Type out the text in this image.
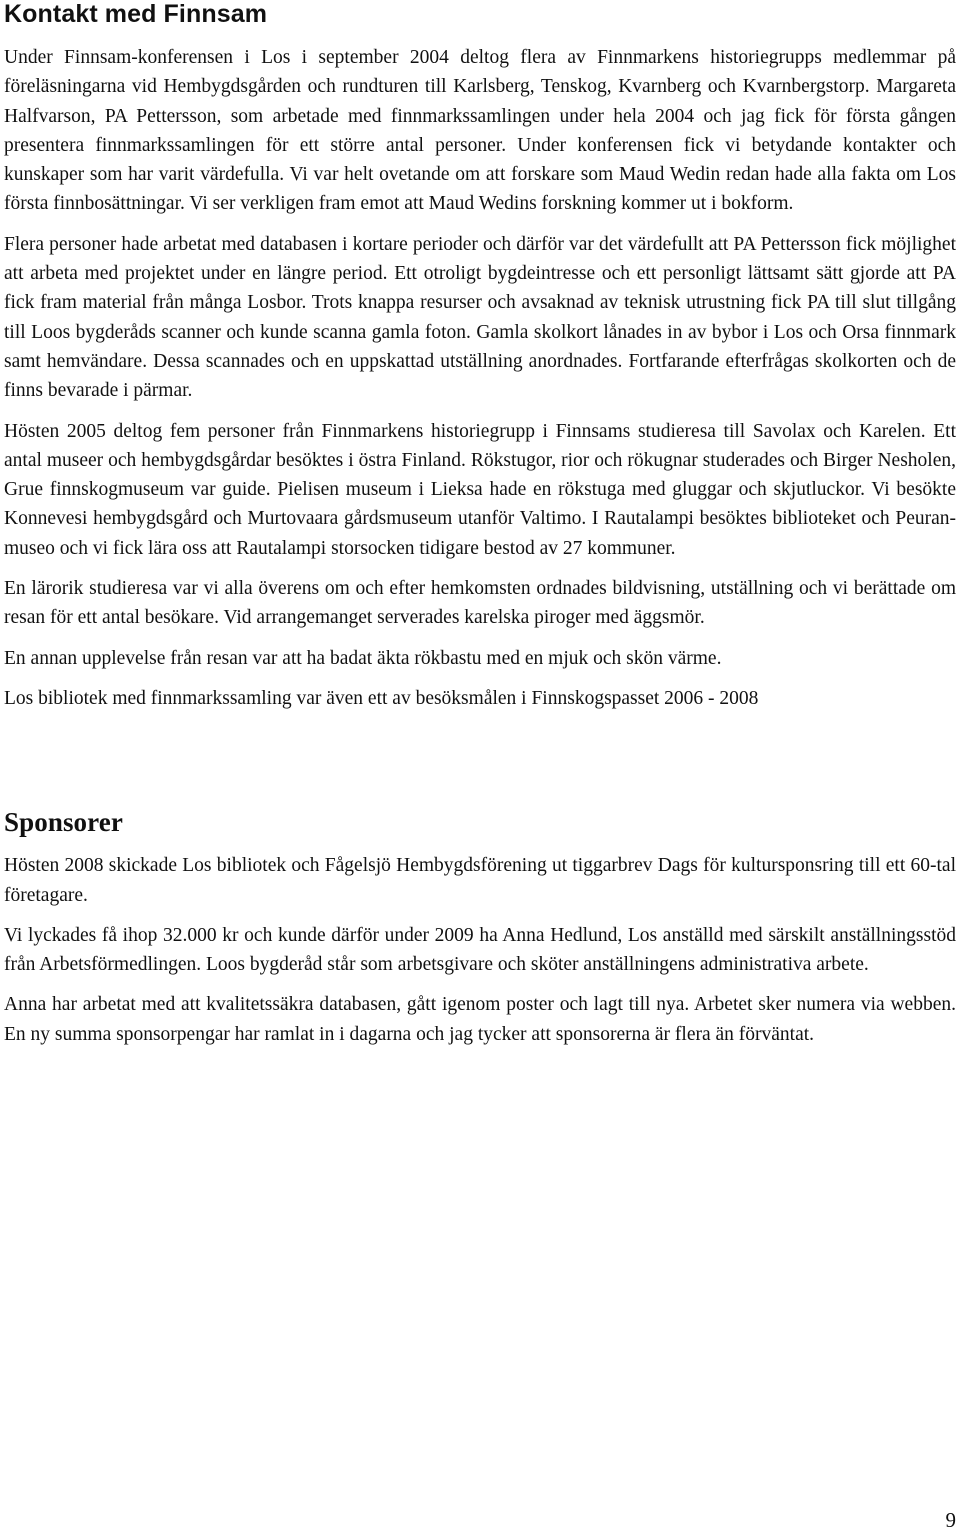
Kontakt med Finnsam

Under Finnsam-konferensen i Los i september 2004 deltog flera av Finnmarkens historiegrupps medlemmar på föreläsningarna vid Hembygdsgården och rundturen till Karlsberg, Tenskog, Kvarnberg och Kvarnbergstorp. Margareta Halfvarson, PA Pettersson, som arbetade med finnmarkssamlingen under hela 2004 och jag fick för första gången presentera finnmarkssamlingen för ett större antal personer. Under konferensen fick vi betydande kontakter och kunskaper som har varit värdefulla. Vi var helt ovetande om att forskare som Maud Wedin redan hade alla fakta om Los första finnbosättningar. Vi ser verkligen fram emot att Maud Wedins forskning kommer ut i bokform.

Flera personer hade arbetat med databasen i kortare perioder och därför var det värdefullt att PA Pettersson fick möjlighet att arbeta med projektet under en längre period. Ett otroligt bygdeintresse och ett personligt lättsamt sätt gjorde att PA fick fram material från många Losbor. Trots knappa resurser och avsaknad av teknisk utrustning fick PA till slut tillgång till Loos bygderåds scanner och kunde scanna gamla foton. Gamla skolkort lånades in av bybor i Los och Orsa finnmark samt hemvändare. Dessa scannades och en uppskattad utställning anordnades. Fortfarande efterfrågas skolkorten och de finns bevarade i pärmar.

Hösten 2005 deltog fem personer från Finnmarkens historiegrupp i Finnsams studieresa till Savolax och Karelen. Ett antal museer och hembygdsgårdar besöktes i östra Finland. Rökstugor, rior och rökugnar studerades och Birger Nesholen, Grue finnskogmuseum var guide. Pielisen museum i Lieksa hade en rökstuga med gluggar och skjutluckor. Vi besökte Konnevesi hembygdsgård och Murtovaara gårdsmuseum utanför Valtimo. I Rautalampi besöktes biblioteket och Peuran-museo och vi fick lära oss att Rautalampi storsocken tidigare bestod av 27 kommuner.

En lärorik studieresa var vi alla överens om och efter hemkomsten ordnades bildvisning, utställning och vi berättade om resan för ett antal besökare. Vid arrangemanget serverades karelska piroger med äggsmör.

En annan upplevelse från resan var att ha badat äkta rökbastu med en mjuk och skön värme.

Los bibliotek med finnmarkssamling var även ett av besöksmålen i Finnskogspasset 2006 - 2008

Sponsorer

Hösten 2008 skickade Los bibliotek och Fågelsjö Hembygdsförening ut tiggarbrev Dags för kultursponsring till ett 60-tal företagare.

Vi lyckades få ihop 32.000 kr och kunde därför under 2009 ha Anna Hedlund, Los anställd med särskilt anställningsstöd från Arbetsförmedlingen. Loos bygderåd står som arbetsgivare och sköter anställningens administrativa arbete.

Anna har arbetat med att kvalitetssäkra databasen, gått igenom poster och lagt till nya. Arbetet sker numera via webben. En ny summa sponsorpengar har ramlat in i dagarna och jag tycker att sponsorerna är flera än förväntat.

9
